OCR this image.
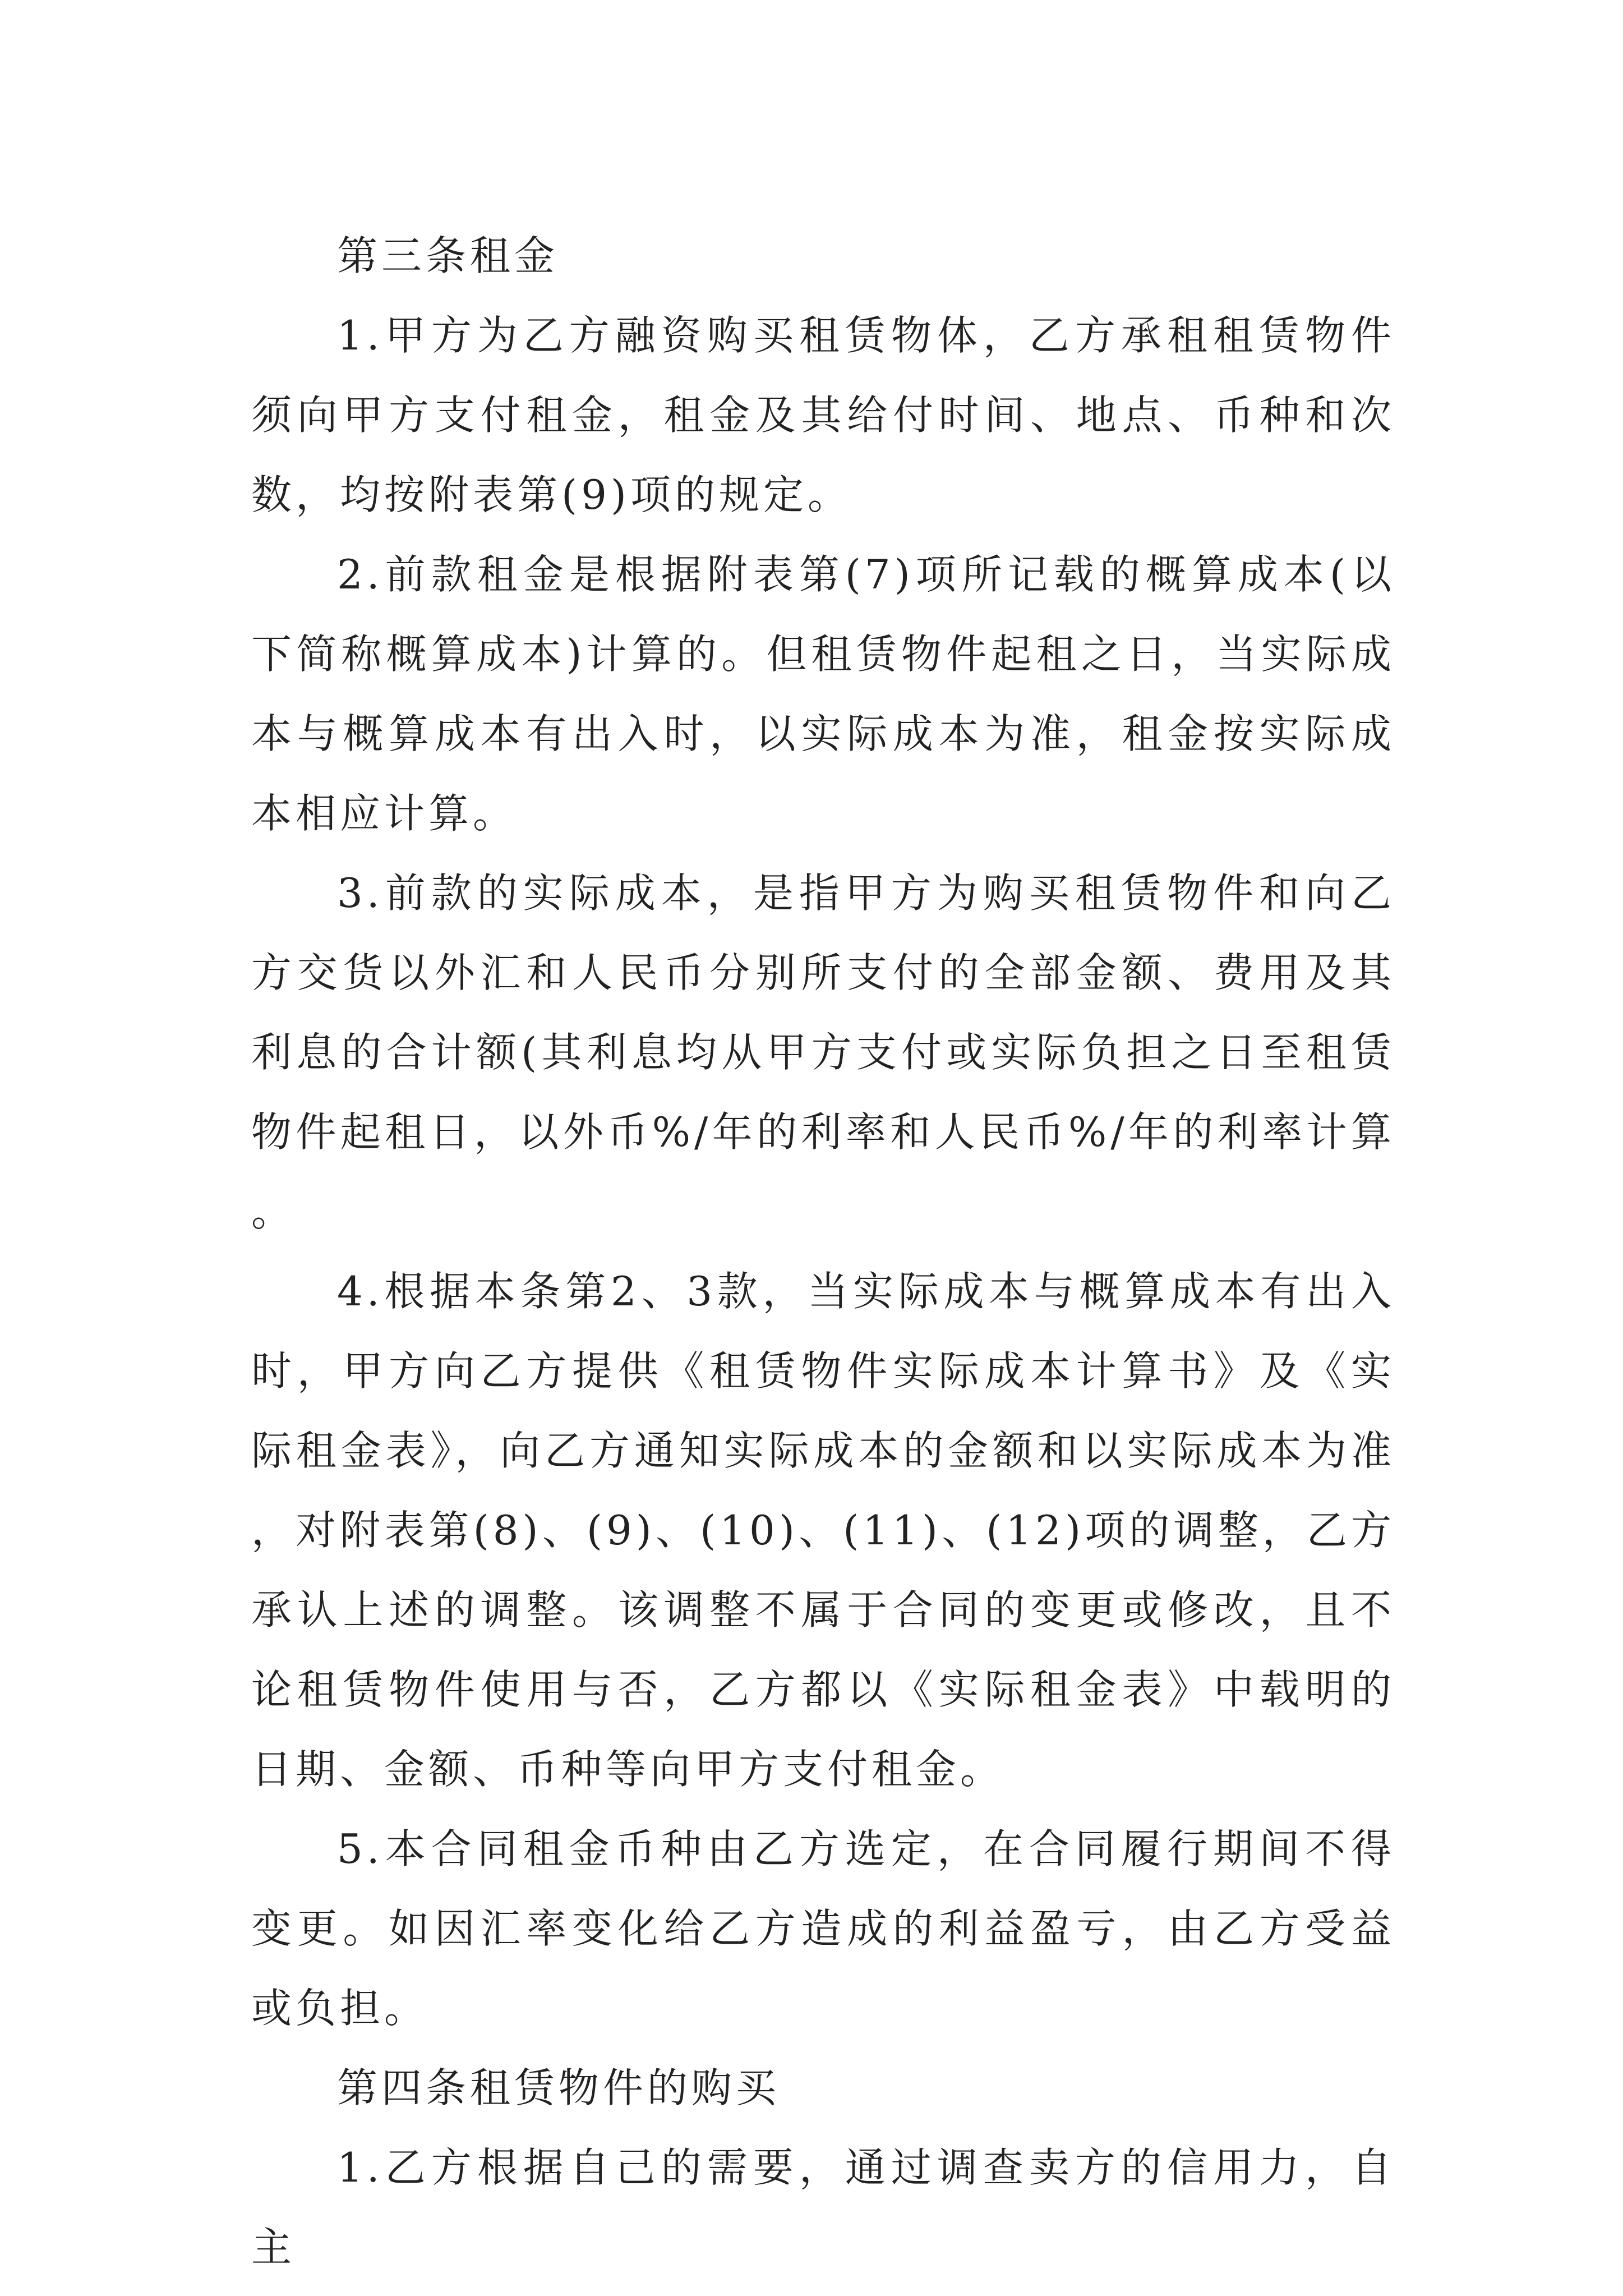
第三条租金

1.甲方为乙方融资购买租赁物体，乙方承租租赁物件须向甲方支付租金，租金及其给付时间、地点、币种和次数，均按附表第(9)项的规定。

2.前款租金是根据附表第(7)项所记载的概算成本(以下简称概算成本)计算的。但租赁物件起租之日，当实际成本与概算成本有出入时，以实际成本为准，租金按实际成本相应计算。

3.前款的实际成本，是指甲方为购买租赁物件和向乙方交货以外汇和人民币分别所支付的全部金额、费用及其利息的合计额(其利息均从甲方支付或实际负担之日至租赁物件起租日，以外币%/年的利率和人民币%/年的利率计算。

4.根据本条第2、3款，当实际成本与概算成本有出入时，甲方向乙方提供《租赁物件实际成本计算书》及《实际租金表》，向乙方通知实际成本的金额和以实际成本为准，对附表第(8)、(9)、(10)、(11)、(12)项的调整，乙方承认上述的调整。该调整不属于合同的变更或修改，且不论租赁物件使用与否，乙方都以《实际租金表》中载明的日期、金额、币种等向甲方支付租金。

5.本合同租金币种由乙方选定，在合同履行期间不得变更。如因汇率变化给乙方造成的利益盈亏，由乙方受益或负担。

第四条租赁物件的购买

1.乙方根据自己的需要，通过调查卖方的信用力，自主
